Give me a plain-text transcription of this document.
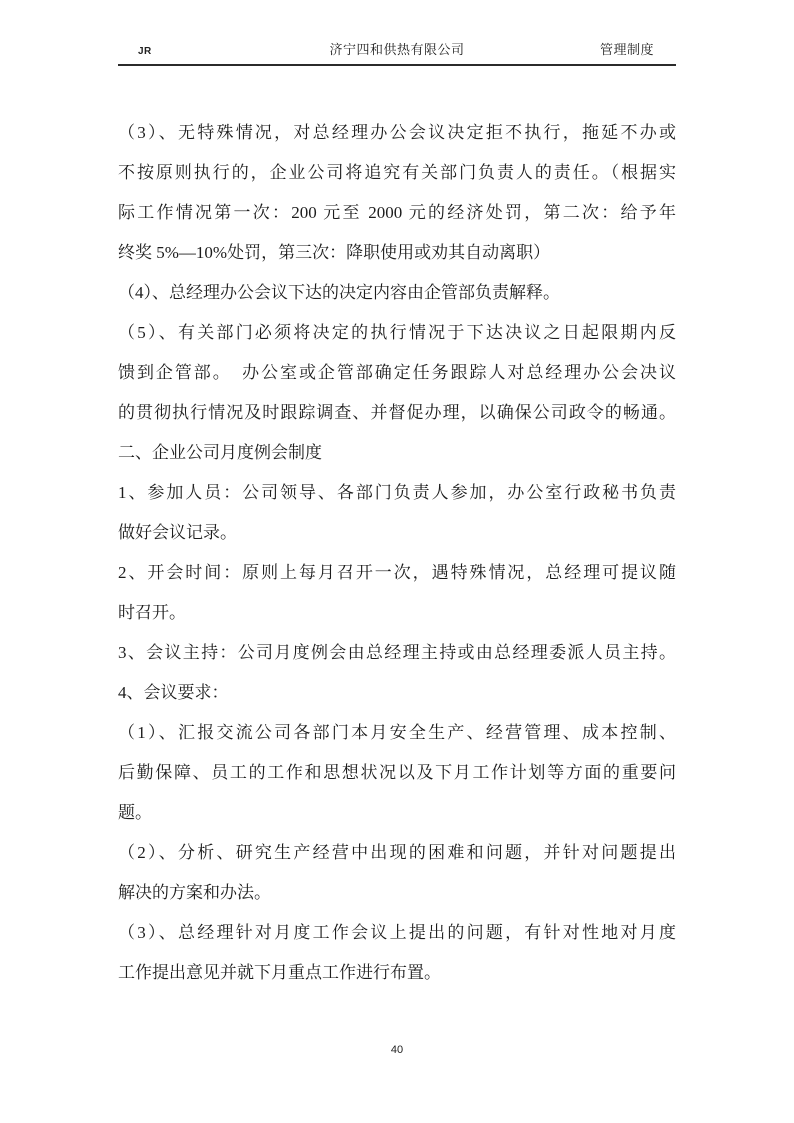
JR	济宁四和供热有限公司	管理制度
（3）、无特殊情况，对总经理办公会议决定拒不执行，拖延不办或
不按原则执行的，企业公司将追究有关部门负责人的责任。（根据实
际工作情况第一次：200 元至 2000 元的经济处罚，第二次：给予年
终奖 5%—10%处罚，第三次：降职使用或劝其自动离职）
（4）、总经理办公会议下达的决定内容由企管部负责解释。
（5）、有关部门必须将决定的执行情况于下达决议之日起限期内反
馈到企管部。　办公室或企管部确定任务跟踪人对总经理办公会决议
的贯彻执行情况及时跟踪调查、并督促办理，以确保公司政令的畅通。
二、企业公司月度例会制度
1、参加人员：公司领导、各部门负责人参加，办公室行政秘书负责
做好会议记录。
2、开会时间：原则上每月召开一次，遇特殊情况，总经理可提议随
时召开。
3、会议主持：公司月度例会由总经理主持或由总经理委派人员主持。
4、会议要求：
（1）、汇报交流公司各部门本月安全生产、经营管理、成本控制、
后勤保障、员工的工作和思想状况以及下月工作计划等方面的重要问
题。
（2）、分析、研究生产经营中出现的困难和问题，并针对问题提出
解决的方案和办法。
（3）、总经理针对月度工作会议上提出的问题，有针对性地对月度
工作提出意见并就下月重点工作进行布置。
40
